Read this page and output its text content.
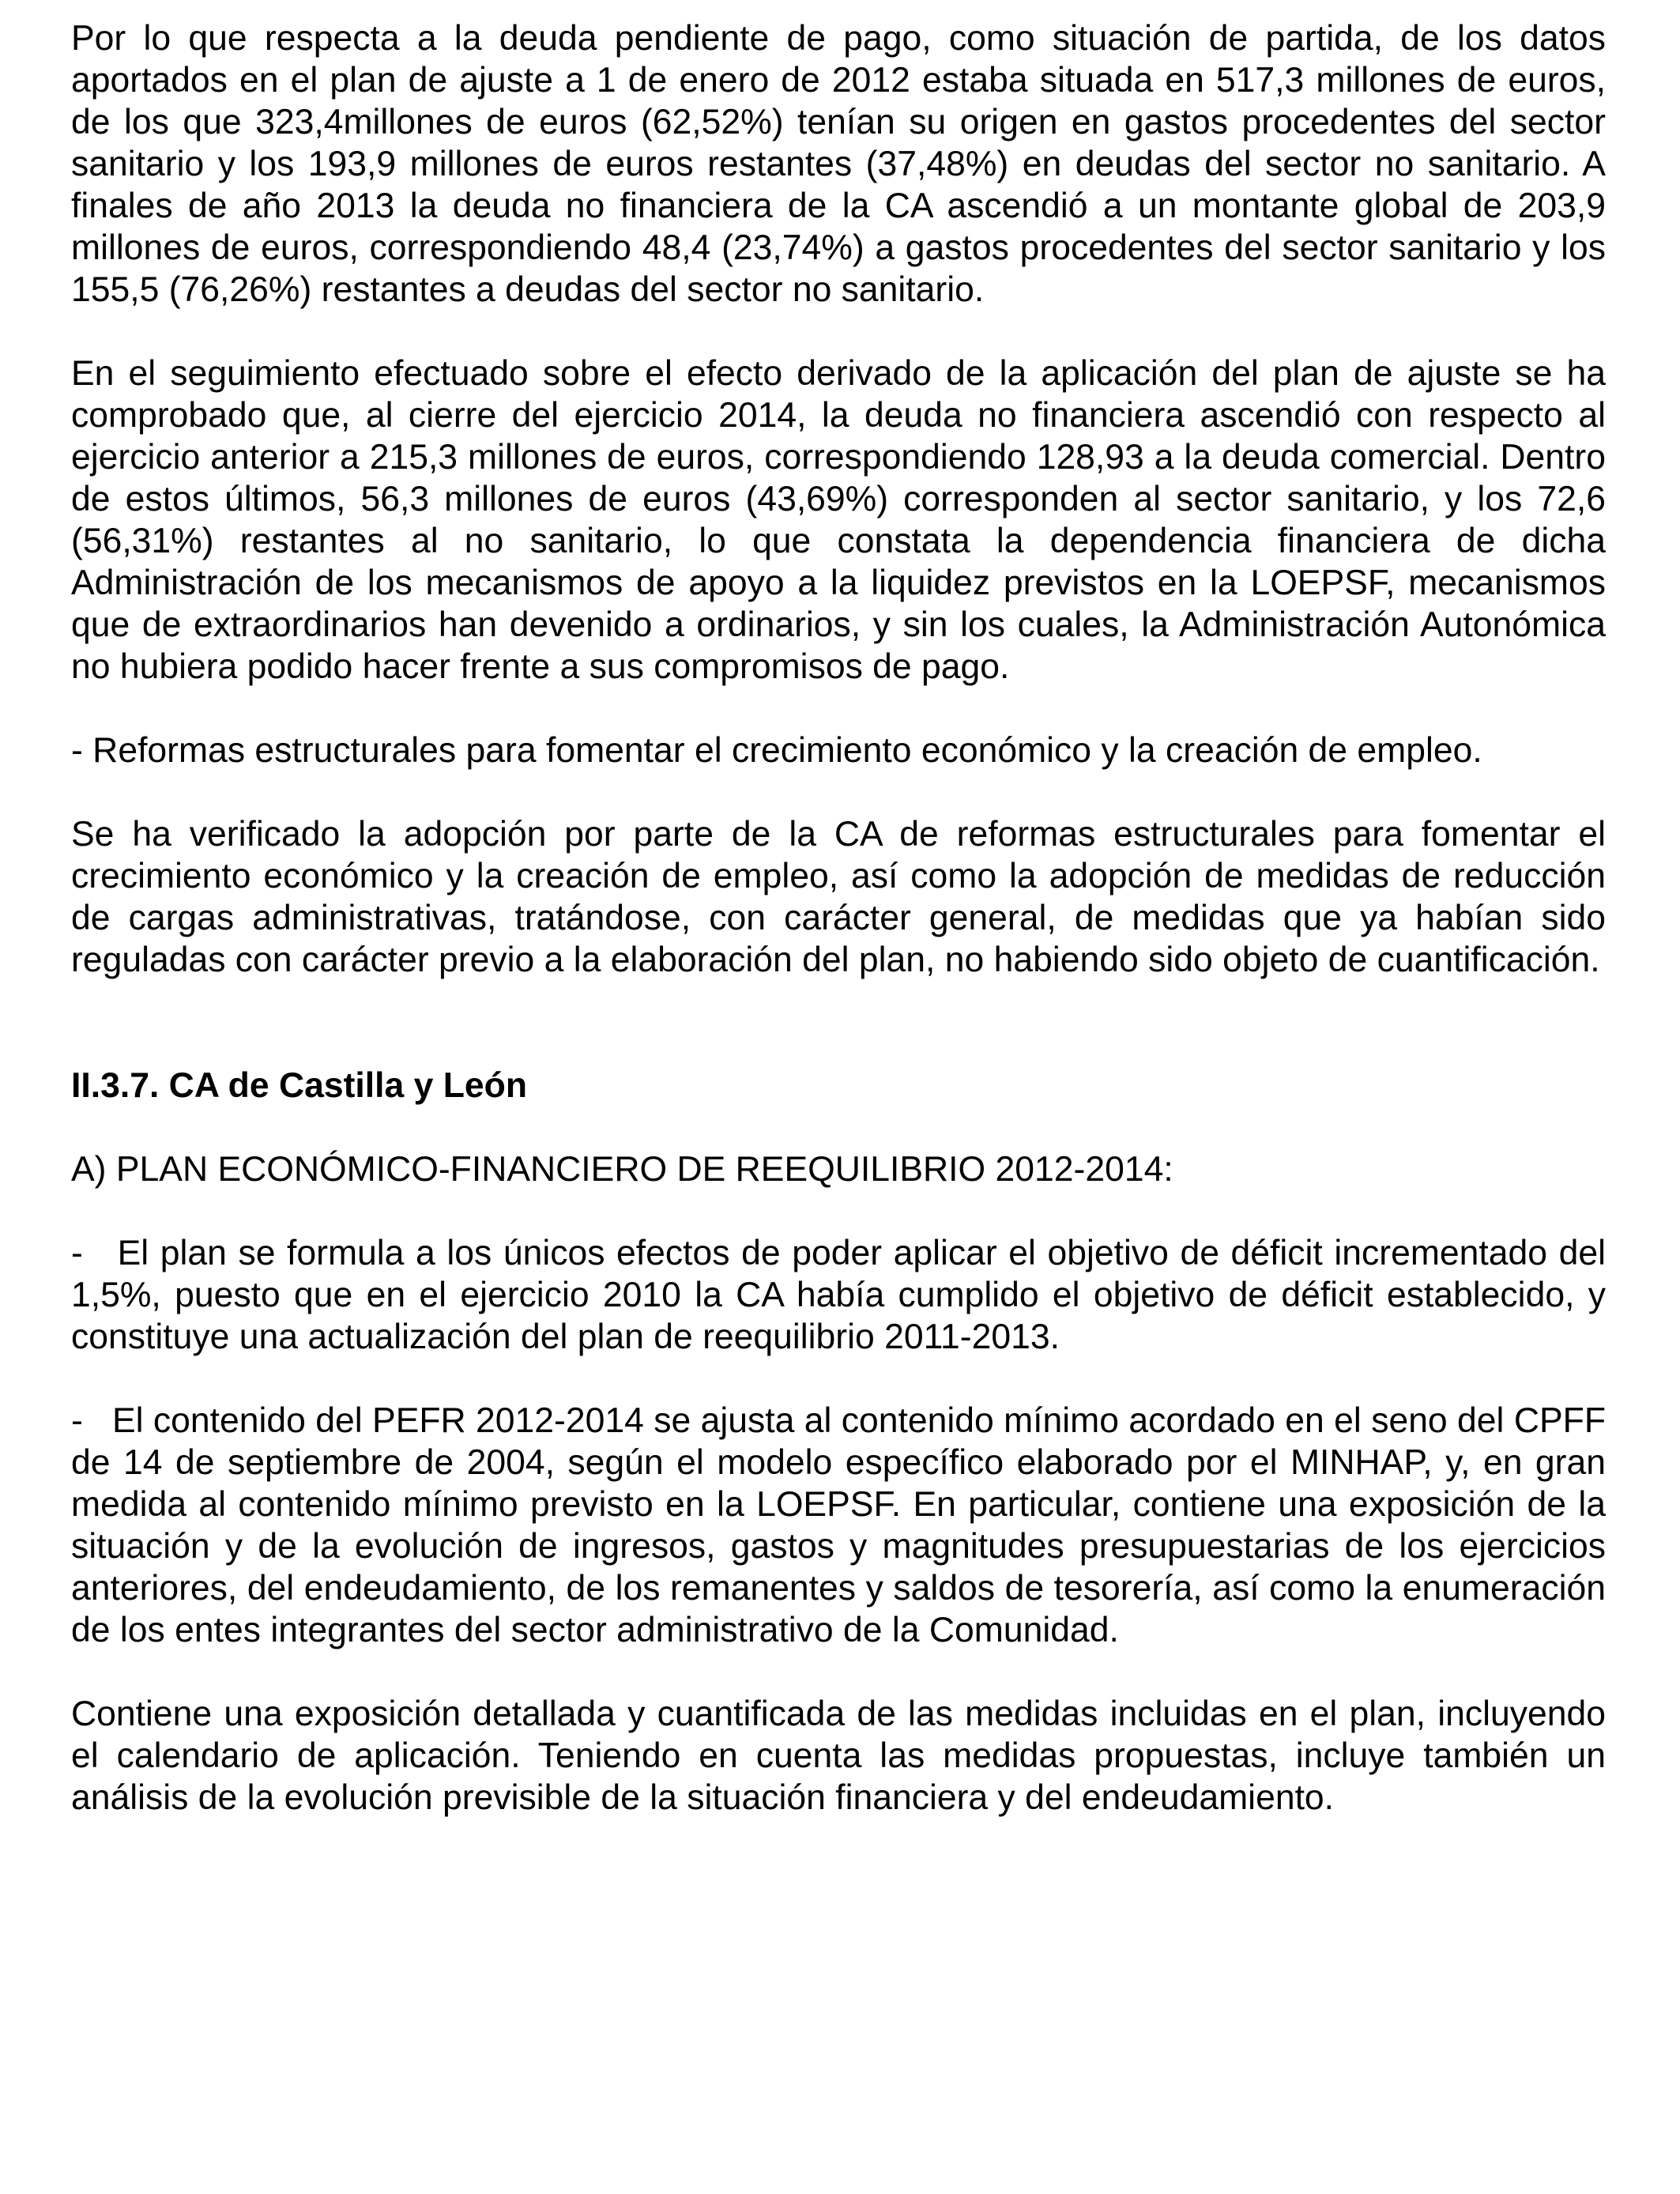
Por lo que respecta a la deuda pendiente de pago, como situación de partida, de los datos aportados en el plan de ajuste a 1 de enero de 2012 estaba situada en 517,3 millones de euros, de los que 323,4millones de euros (62,52%) tenían su origen en gastos procedentes del sector sanitario y los 193,9 millones de euros restantes (37,48%) en deudas del sector no sanitario. A finales de año 2013 la deuda no financiera de la CA ascendió a un montante global de 203,9 millones de euros, correspondiendo 48,4 (23,74%) a gastos procedentes del sector sanitario y los 155,5 (76,26%) restantes a deudas del sector no sanitario.

En el seguimiento efectuado sobre el efecto derivado de la aplicación del plan de ajuste se ha comprobado que, al cierre del ejercicio 2014, la deuda no financiera ascendió con respecto al ejercicio anterior a 215,3 millones de euros, correspondiendo 128,93 a la deuda comercial. Dentro de estos últimos, 56,3 millones de euros (43,69%) corresponden al sector sanitario, y los 72,6 (56,31%) restantes al no sanitario, lo que constata la dependencia financiera de dicha Administración de los mecanismos de apoyo a la liquidez previstos en la LOEPSF, mecanismos que de extraordinarios han devenido a ordinarios, y sin los cuales, la Administración Autonómica no hubiera podido hacer frente a sus compromisos de pago.

- Reformas estructurales para fomentar el crecimiento económico y la creación de empleo.

Se ha verificado la adopción por parte de la CA de reformas estructurales para fomentar el crecimiento económico y la creación de empleo, así como la adopción de medidas de reducción de cargas administrativas, tratándose, con carácter general, de medidas que ya habían sido reguladas con carácter previo a la elaboración del plan, no habiendo sido objeto de cuantificación.

II.3.7. CA de Castilla y León

A) PLAN ECONÓMICO-FINANCIERO DE REEQUILIBRIO 2012-2014:

-   El plan se formula a los únicos efectos de poder aplicar el objetivo de déficit incrementado del 1,5%, puesto que en el ejercicio 2010 la CA había cumplido el objetivo de déficit establecido, y constituye una actualización del plan de reequilibrio 2011-2013.

-   El contenido del PEFR 2012-2014 se ajusta al contenido mínimo acordado en el seno del CPFF de 14 de septiembre de 2004, según el modelo específico elaborado por el MINHAP, y, en gran medida al contenido mínimo previsto en la LOEPSF. En particular, contiene una exposición de la situación y de la evolución de ingresos, gastos y magnitudes presupuestarias de los ejercicios anteriores, del endeudamiento, de los remanentes y saldos de tesorería, así como la enumeración de los entes integrantes del sector administrativo de la Comunidad.

Contiene una exposición detallada y cuantificada de las medidas incluidas en el plan, incluyendo el calendario de aplicación. Teniendo en cuenta las medidas propuestas, incluye también un análisis de la evolución previsible de la situación financiera y del endeudamiento.
